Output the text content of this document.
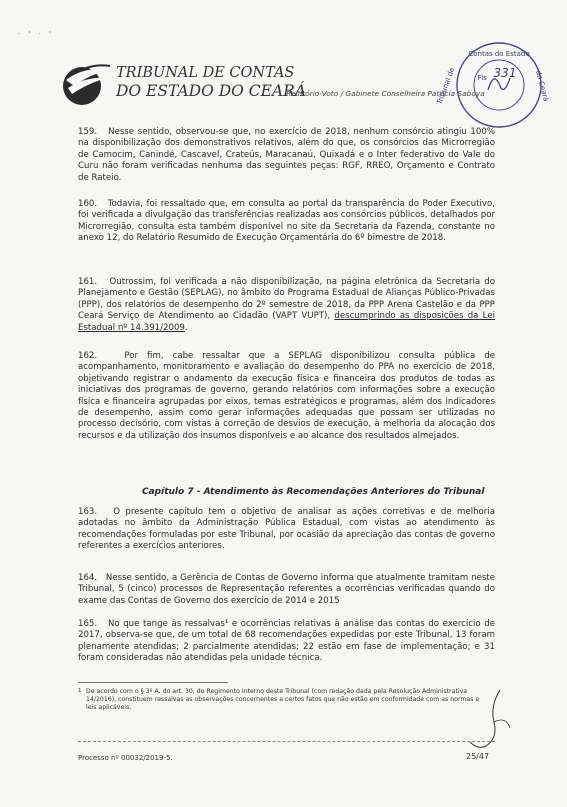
· ' · '
TRIBUNAL DE CONTAS
DO ESTADO DO CEARÁ
Relatório-Voto / Gabinete Conselheira Patrícia Saboya
Contas do Estado
Tribunal de	do Ceará
Fls 331

159. Nesse sentido, observou-se que, no exercício de 2018, nenhum consórcio atingiu 100% na disponibilização dos demonstrativos relativos, além do que, os consórcios das Microrregião de Camocim, Canindé, Cascavel, Crateús, Maracanaú, Quixadá e o Inter federativo do Vale do Curu não foram verificadas nenhuma das seguintes peças: RGF, RREO, Orçamento e Contrato de Rateio.

160. Todavia, foi ressaltado que, em consulta ao portal da transparência do Poder Executivo, foi verificada a divulgação das transferências realizadas aos consórcios públicos, detalhados por Microrregião, consulta esta também disponível no site da Secretaria da Fazenda, constante no anexo 12, do Relatório Resumido de Execução Orçamentária do 6º bimestre de 2018.

161. Outrossim, foi verificada a não disponibilização, na página eletrônica da Secretaria do Planejamento e Gestão (SEPLAG), no âmbito do Programa Estadual de Alianças Público-Privadas (PPP), dos relatórios de desempenho do 2º semestre de 2018, da PPP Arena Castelão e da PPP Ceará Serviço de Atendimento ao Cidadão (VAPT VUPT), descumprindo as disposições da Lei Estadual nº 14.391/2009.

162.	Por fim, cabe ressaltar que a SEPLAG disponibilizou consulta pública de acompanhamento, monitoramento e avaliação do desempenho do PPA no exercício de 2018, objetivando registrar o andamento da execução física e financeira dos produtos de todas as iniciativas dos programas de governo, gerando relatórios com informações sobre a execução física e financeira agrupadas por eixos, temas estratégicos e programas, além dos indicadores de desempenho, assim como gerar informações adequadas que possam ser utilizadas no processo decisório, com vistas à correção de desvios de execução, à melhoria da alocação dos recursos e da utilização dos insumos disponíveis e ao alcance dos resultados almejados.

Capítulo 7 - Atendimento às Recomendações Anteriores do Tribunal

163. O presente capítulo tem o objetivo de analisar as ações corretivas e de melhoria adotadas no âmbito da Administração Pública Estadual, com vistas ao atendimento às recomendações formuladas por este Tribunal, por ocasião da apreciação das contas de governo referentes a exercícios anteriores.

164. Nesse sentido, a Gerência de Contas de Governo informa que atualmente tramitam neste Tribunal, 5 (cinco) processos de Representação referentes a ocorrências verificadas quando do exame das Contas de Governo dos exercício de 2014 e 2015

165. No que tange às ressalvas¹ e ocorrências relativas à análise das contas do exercício de 2017, observa-se que, de um total de 68 recomendações expedidas por este Tribunal, 13 foram plenamente atendidas; 2 parcialmente atendidas; 22 estão em fase de implementação; e 31 foram consideradas não atendidas pela unidade técnica.

1 De acordo com o § 3º A, do art. 30, do Regimento Interno deste Tribunal (com redação dada pela Resolução Administrativa 14/2016), constituem ressalvas as observações concernentes a certos fatos que não estão em conformidade com as normas e leis aplicáveis.
Processo nº 00032/2019-5.	25/47
